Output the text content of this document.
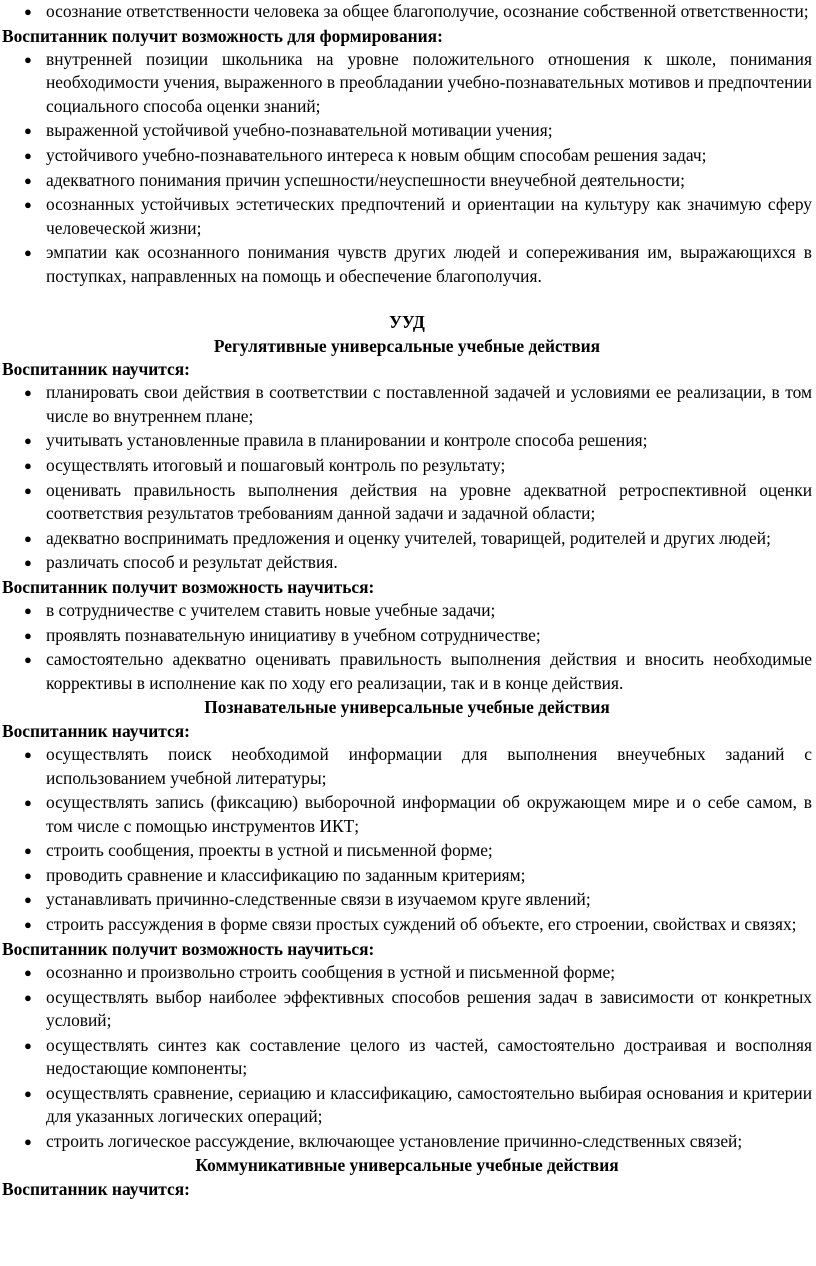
● осознание ответственности человека за общее благополучие, осознание собственной ответственности;

Воспитанник получит возможность для формирования:

● внутренней позиции школьника на уровне положительного отношения к школе, понимания необходимости учения, выраженного в преобладании учебно-познавательных мотивов и предпочтении социального способа оценки знаний;
● выраженной устойчивой учебно-познавательной мотивации учения;
● устойчивого учебно-познавательного интереса к новым общим способам решения задач;
● адекватного понимания причин успешности/неуспешности внеучебной деятельности;
● осознанных устойчивых эстетических предпочтений и ориентации на культуру как значимую сферу человеческой жизни;
● эмпатии как осознанного понимания чувств других людей и сопереживания им, выражающихся в поступках, направленных на помощь и обеспечение благополучия.

УУД

Регулятивные универсальные учебные действия

Воспитанник научится:

● планировать свои действия в соответствии с поставленной задачей и условиями ее реализации, в том числе во внутреннем плане;
● учитывать установленные правила в планировании и контроле способа решения;
● осуществлять итоговый и пошаговый контроль по результату;
● оценивать правильность выполнения действия на уровне адекватной ретроспективной оценки соответствия результатов требованиям данной задачи и задачной области;
● адекватно воспринимать предложения и оценку учителей, товарищей, родителей и других людей;
● различать способ и результат действия.

Воспитанник получит возможность научиться:

● в сотрудничестве с учителем ставить новые учебные задачи;
● проявлять познавательную инициативу в учебном сотрудничестве;
● самостоятельно адекватно оценивать правильность выполнения действия и вносить необходимые коррективы в исполнение как по ходу его реализации, так и в конце действия.

Познавательные универсальные учебные действия

Воспитанник научится:

● осуществлять поиск необходимой информации для выполнения внеучебных заданий с использованием учебной литературы;
● осуществлять запись (фиксацию) выборочной информации об окружающем мире и о себе самом, в том числе с помощью инструментов ИКТ;
● строить сообщения, проекты в устной и письменной форме;
● проводить сравнение и классификацию по заданным критериям;
● устанавливать причинно-следственные связи в изучаемом круге явлений;
● строить рассуждения в форме связи простых суждений об объекте, его строении, свойствах и связях;

Воспитанник получит возможность научиться:

● осознанно и произвольно строить сообщения в устной и письменной форме;
● осуществлять выбор наиболее эффективных способов решения задач в зависимости от конкретных условий;
● осуществлять синтез как составление целого из частей, самостоятельно достраивая и восполняя недостающие компоненты;
● осуществлять сравнение, сериацию и классификацию, самостоятельно выбирая основания и критерии для указанных логических операций;
● строить логическое рассуждение, включающее установление причинно-следственных связей;

Коммуникативные универсальные учебные действия

Воспитанник научится:
